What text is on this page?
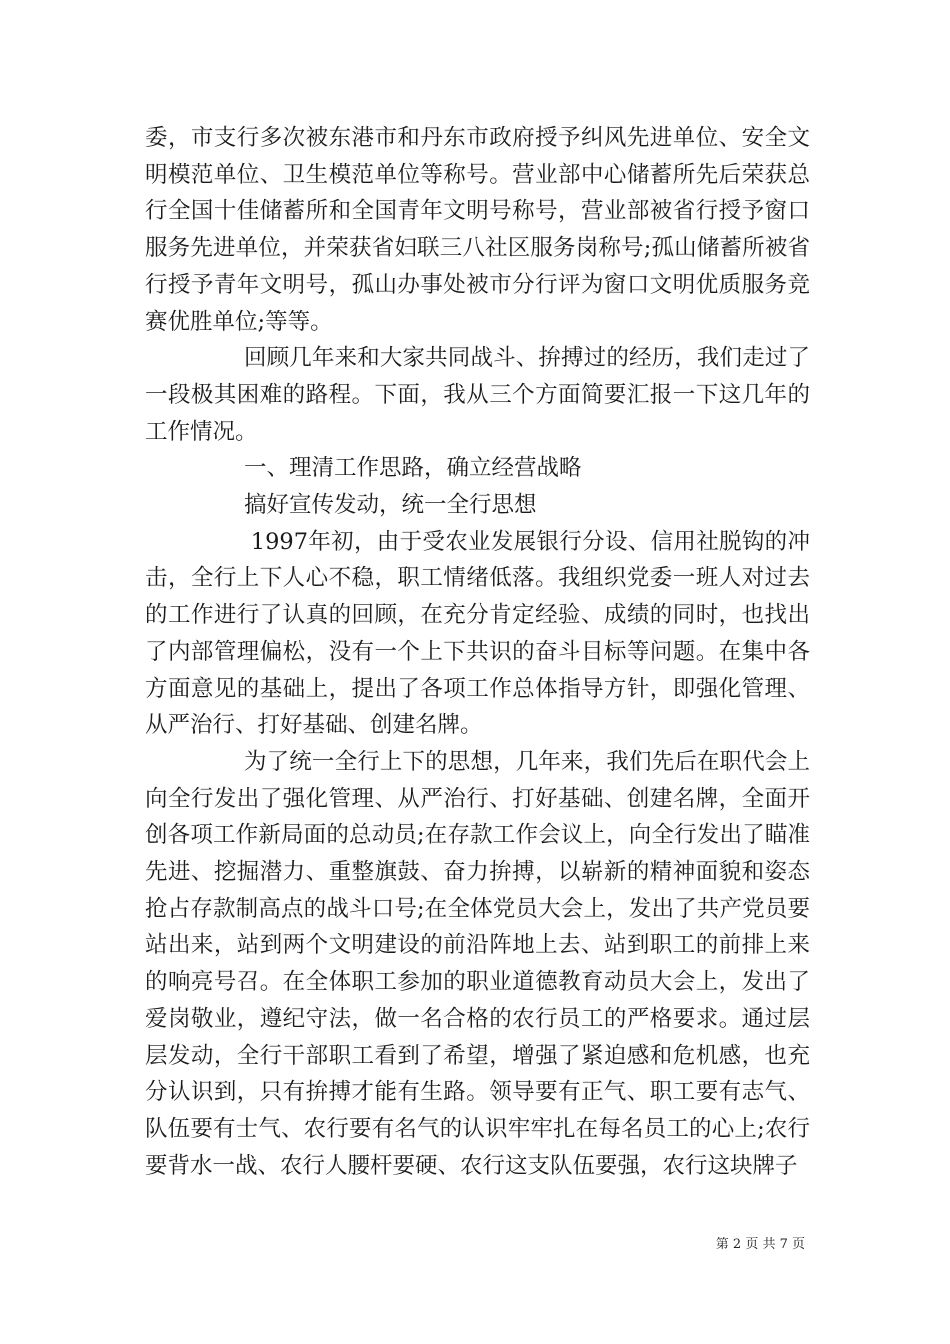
委，市支行多次被东港市和丹东市政府授予纠风先进单位、安全文明模范单位、卫生模范单位等称号。营业部中心储蓄所先后荣获总行全国十佳储蓄所和全国青年文明号称号，营业部被省行授予窗口服务先进单位，并荣获省妇联三八社区服务岗称号;孤山储蓄所被省行授予青年文明号，孤山办事处被市分行评为窗口文明优质服务竞赛优胜单位;等等。

回顾几年来和大家共同战斗、拚搏过的经历，我们走过了一段极其困难的路程。下面，我从三个方面简要汇报一下这几年的工作情况。

一、理清工作思路，确立经营战略

搞好宣传发动，统一全行思想

1997年初，由于受农业发展银行分设、信用社脱钩的冲击，全行上下人心不稳，职工情绪低落。我组织党委一班人对过去的工作进行了认真的回顾，在充分肯定经验、成绩的同时，也找出了内部管理偏松，没有一个上下共识的奋斗目标等问题。在集中各方面意见的基础上，提出了各项工作总体指导方针，即强化管理、从严治行、打好基础、创建名牌。

为了统一全行上下的思想，几年来，我们先后在职代会上向全行发出了强化管理、从严治行、打好基础、创建名牌，全面开创各项工作新局面的总动员;在存款工作会议上，向全行发出了瞄准先进、挖掘潜力、重整旗鼓、奋力拚搏，以崭新的精神面貌和姿态抢占存款制高点的战斗口号;在全体党员大会上，发出了共产党员要站出来，站到两个文明建设的前沿阵地上去、站到职工的前排上来的响亮号召。在全体职工参加的职业道德教育动员大会上，发出了爱岗敬业，遵纪守法，做一名合格的农行员工的严格要求。通过层层发动，全行干部职工看到了希望，增强了紧迫感和危机感，也充分认识到，只有拚搏才能有生路。领导要有正气、职工要有志气、队伍要有士气、农行要有名气的认识牢牢扎在每名员工的心上;农行要背水一战、农行人腰杆要硬、农行这支队伍要强，农行这块牌子

第 2 页 共 7 页
